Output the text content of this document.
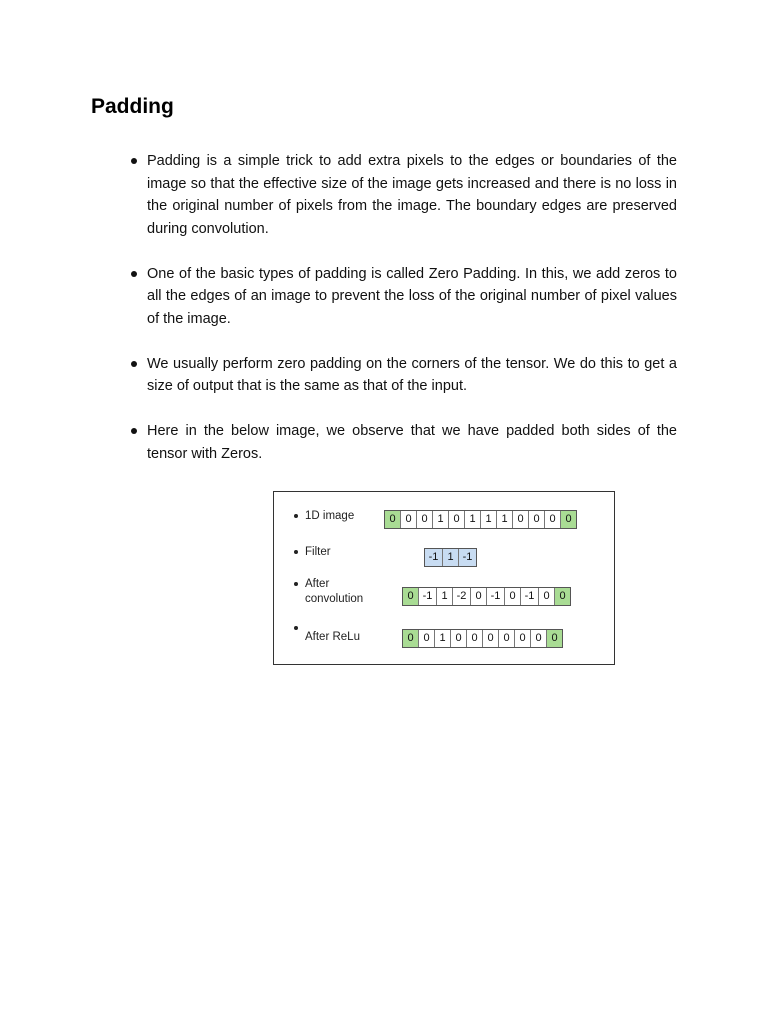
Padding
Padding is a simple trick to add extra pixels to the edges or boundaries of the image so that the effective size of the image gets increased and there is no loss in the original number of pixels from the image. The boundary edges are preserved during convolution.
One of the basic types of padding is called Zero Padding. In this, we add zeros to all the edges of an image to prevent the loss of the original number of pixel values of the image.
We usually perform zero padding on the corners of the tensor. We do this to get a size of output that is the same as that of the input.
Here in the below image, we observe that we have padded both sides of the tensor with Zeros.
1D image	0 0 0 1 0 1 1 1 0 0 0 0
Filter	-1 1 -1
After
convolution	0 -1 1 -2 0 -1 0 -1 0 0
After ReLu	0 0 1 0 0 0 0 0 0 0
